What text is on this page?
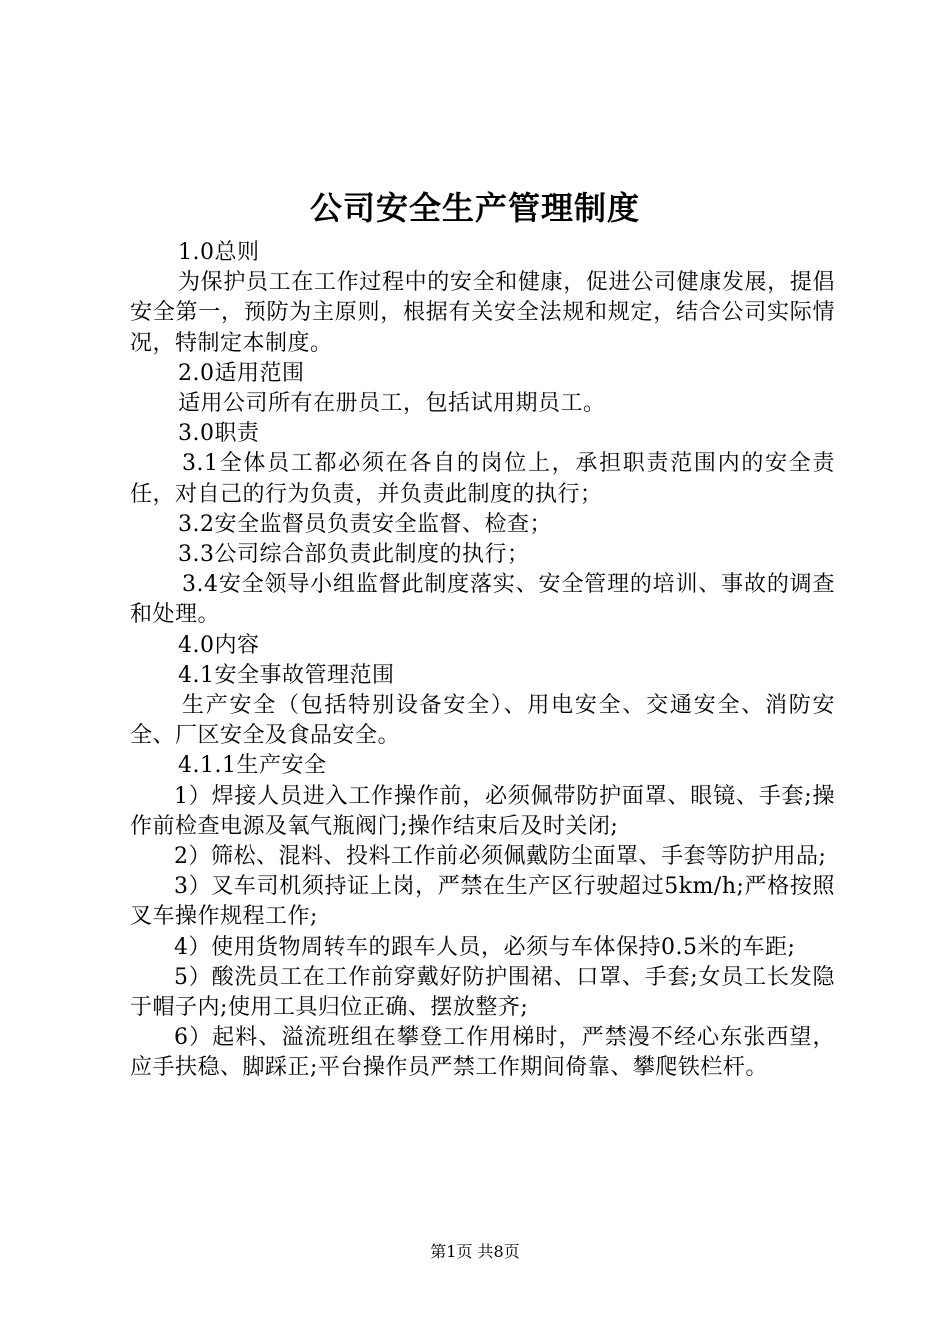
公司安全生产管理制度

1.0总则

为保护员工在工作过程中的安全和健康，促进公司健康发展，提倡安全第一，预防为主原则，根据有关安全法规和规定，结合公司实际情况，特制定本制度。

2.0适用范围

适用公司所有在册员工，包括试用期员工。

3.0职责

3.1全体员工都必须在各自的岗位上，承担职责范围内的安全责任，对自己的行为负责，并负责此制度的执行；

3.2安全监督员负责安全监督、检查；

3.3公司综合部负责此制度的执行；

3.4安全领导小组监督此制度落实、安全管理的培训、事故的调查和处理。

4.0内容

4.1安全事故管理范围

生产安全（包括特别设备安全）、用电安全、交通安全、消防安全、厂区安全及食品安全。

4.1.1生产安全

1）焊接人员进入工作操作前，必须佩带防护面罩、眼镜、手套;操作前检查电源及氧气瓶阀门;操作结束后及时关闭;

2）筛松、混料、投料工作前必须佩戴防尘面罩、手套等防护用品;

3）叉车司机须持证上岗，严禁在生产区行驶超过5km/h;严格按照叉车操作规程工作;

4）使用货物周转车的跟车人员，必须与车体保持0.5米的车距;

5）酸洗员工在工作前穿戴好防护围裙、口罩、手套;女员工长发隐于帽子内;使用工具归位正确、摆放整齐;

6）起料、溢流班组在攀登工作用梯时，严禁漫不经心东张西望，应手扶稳、脚踩正;平台操作员严禁工作期间倚靠、攀爬铁栏杆。

第1页 共8页
